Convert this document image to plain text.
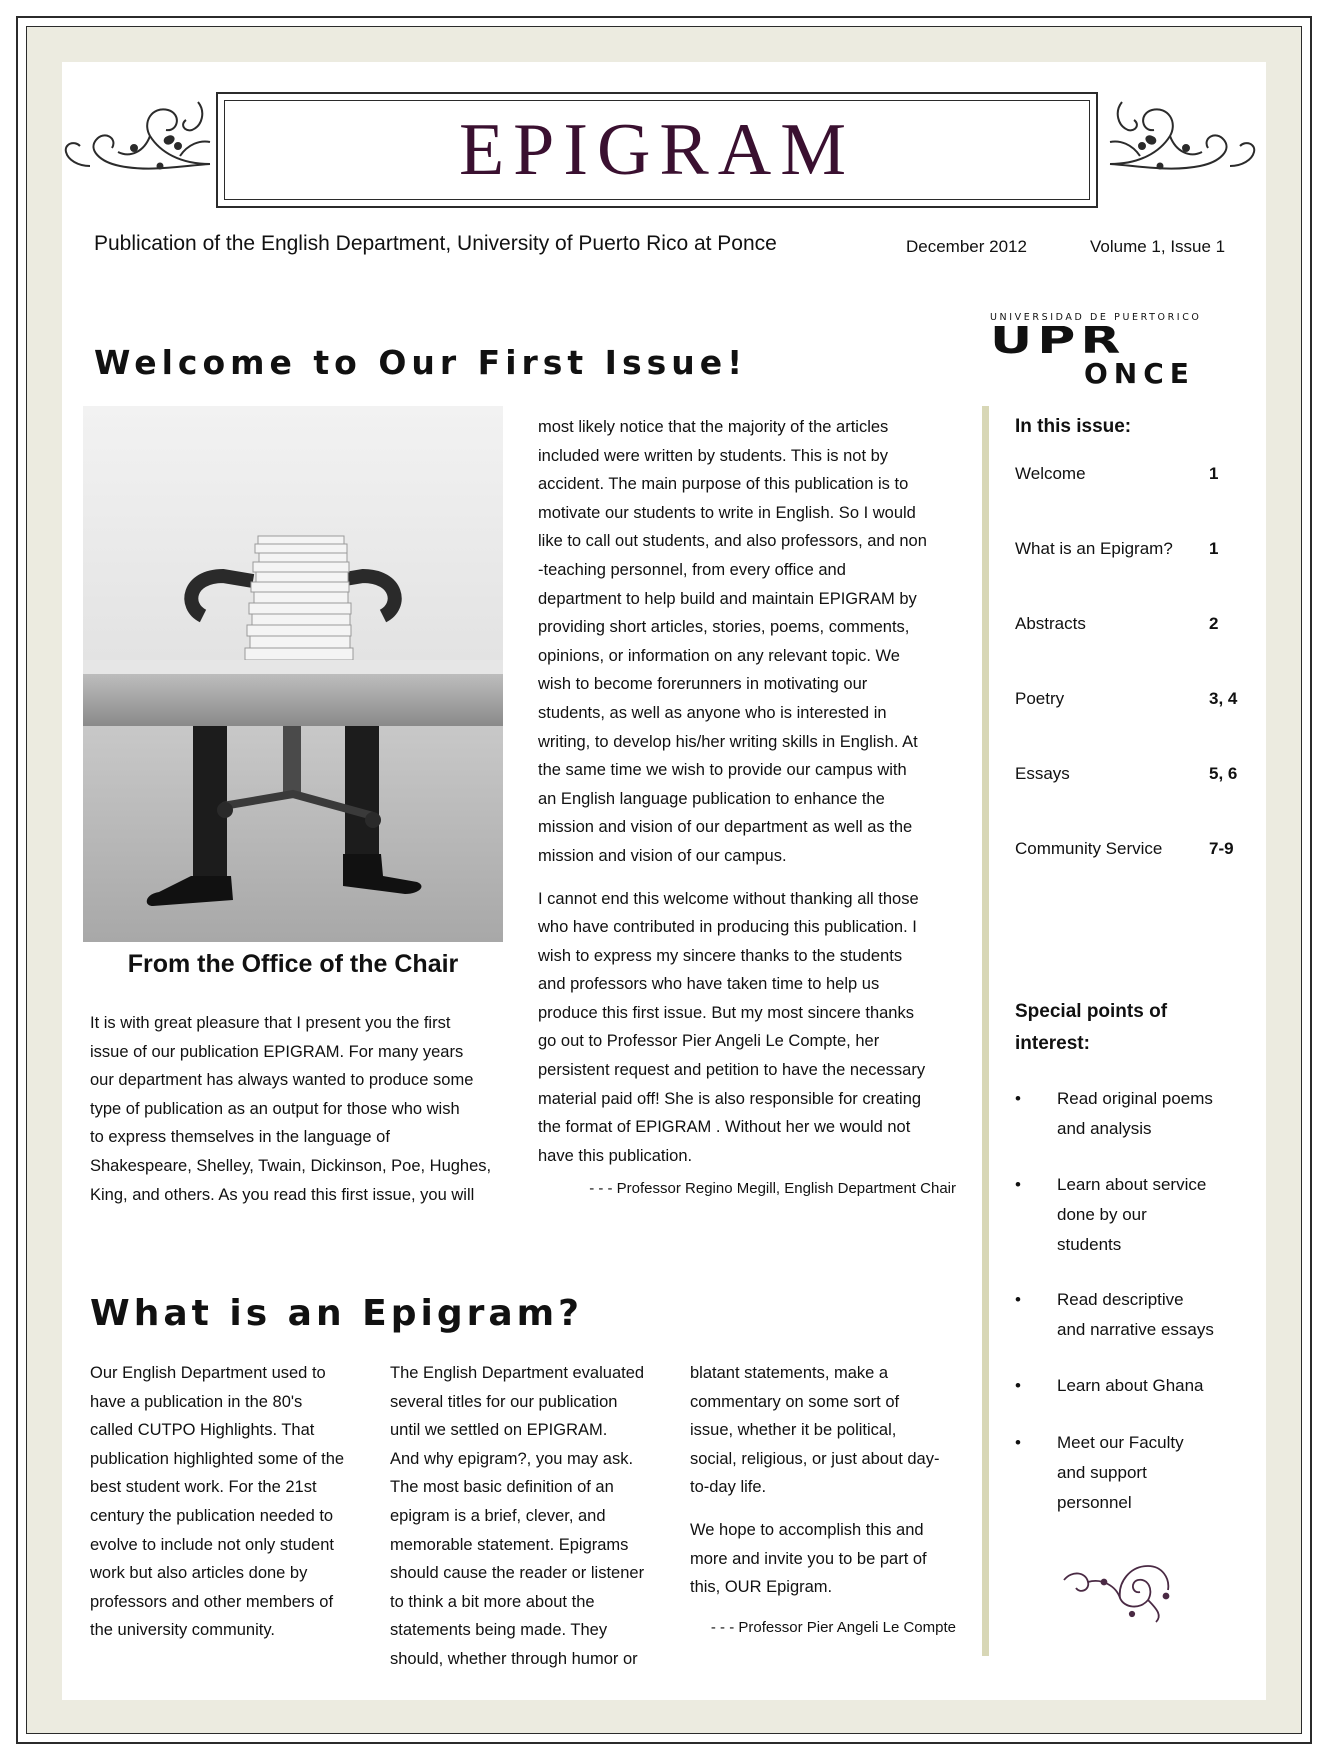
EPIGRAM
Publication of the English Department, University of Puerto Rico at Ponce	December 2012	Volume 1, Issue 1
UNIVERSIDAD DE PUERTORICO
UPR
ONCE
Welcome to Our First Issue!
From the Office of the Chair
It is with great pleasure that I present you the first
issue of our publication EPIGRAM. For many years
our department has always wanted to produce some
type of publication as an output for those who wish
to express themselves in the language of
Shakespeare, Shelley, Twain, Dickinson, Poe, Hughes,
King, and others. As you read this first issue, you will
most likely notice that the majority of the articles
included were written by students. This is not by
accident. The main purpose of this publication is to
motivate our students to write in English. So I would
like to call out students, and also professors, and non
-teaching personnel, from every office and
department to help build and maintain EPIGRAM by
providing short articles, stories, poems, comments,
opinions, or information on any relevant topic. We
wish to become forerunners in motivating our
students, as well as anyone who is interested in
writing, to develop his/her writing skills in English. At
the same time we wish to provide our campus with
an English language publication to enhance the
mission and vision of our department as well as the
mission and vision of our campus.
I cannot end this welcome without thanking all those
who have contributed in producing this publication. I
wish to express my sincere thanks to the students
and professors who have taken time to help us
produce this first issue. But my most sincere thanks
go out to Professor Pier Angeli Le Compte, her
persistent request and petition to have the necessary
material paid off! She is also responsible for creating
the format of EPIGRAM . Without her we would not
have this publication.
- - - Professor Regino Megill, English Department Chair
What is an Epigram?
Our English Department used to
have a publication in the 80's
called CUTPO Highlights. That
publication highlighted some of the
best student work. For the 21st
century the publication needed to
evolve to include not only student
work but also articles done by
professors and other members of
the university community.
The English Department evaluated
several titles for our publication
until we settled on EPIGRAM.
And why epigram?, you may ask.
The most basic definition of an
epigram is a brief, clever, and
memorable statement. Epigrams
should cause the reader or listener
to think a bit more about the
statements being made. They
should, whether through humor or
blatant statements, make a
commentary on some sort of
issue, whether it be political,
social, religious, or just about day-
to-day life.
We hope to accomplish this and
more and invite you to be part of
this, OUR Epigram.
- - - Professor Pier Angeli Le Compte
In this issue:
Welcome	1
What is an Epigram? 1
Abstracts	2
Poetry	3, 4
Essays	5, 6
Community Service	7-9
Special points of
interest:
• Read original poems
and analysis
• Learn about service
done by our
students
• Read descriptive
and narrative essays
• Learn about Ghana
• Meet our Faculty
and support
personnel
